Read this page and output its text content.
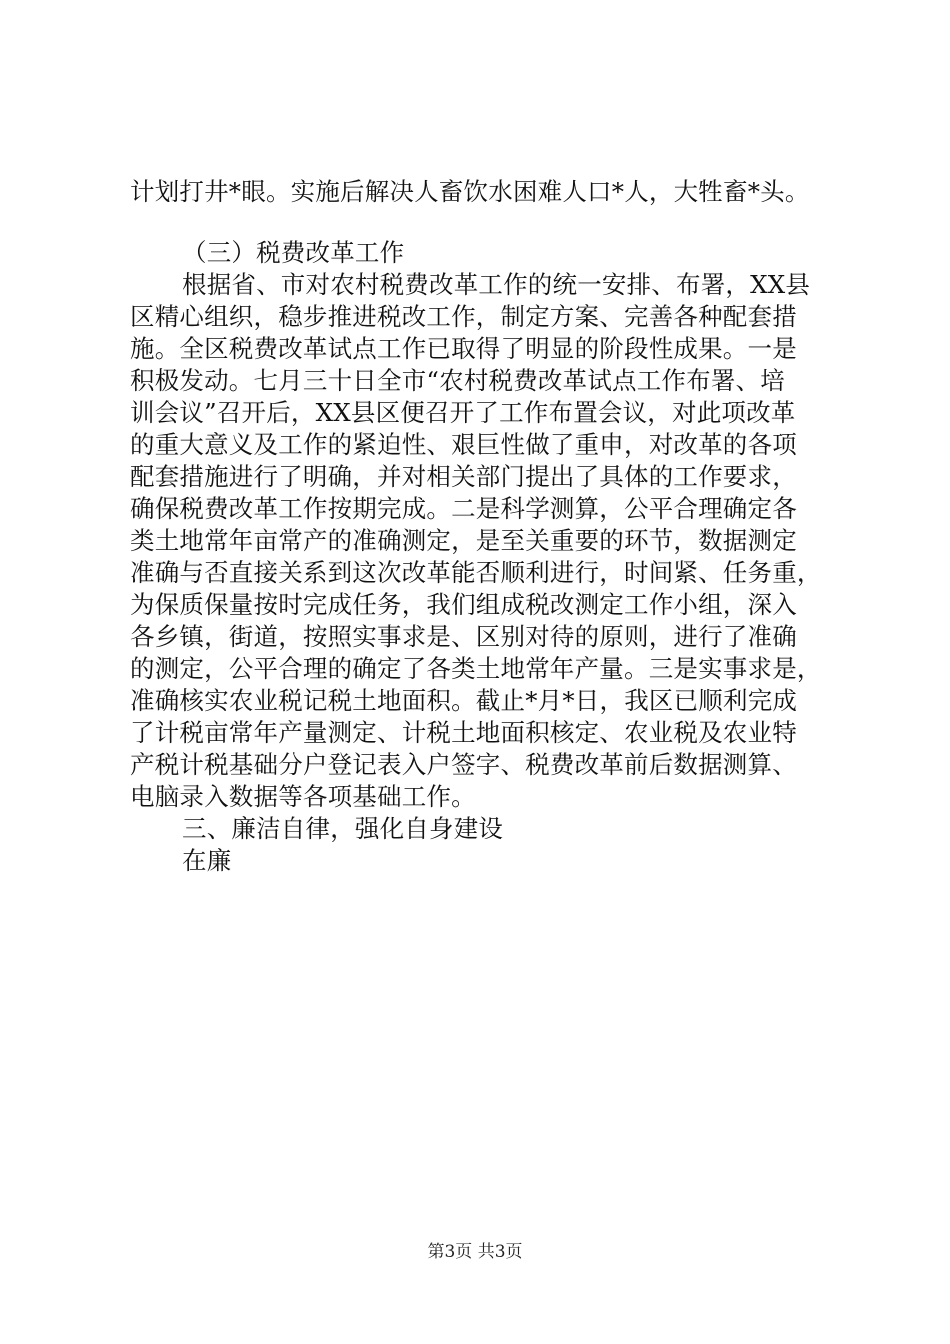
计划打井*眼。实施后解决人畜饮水困难人口*人，大牲畜*头。
（三）税费改革工作
根据省、市对农村税费改革工作的统一安排、布署，XX县
区精心组织，稳步推进税改工作，制定方案、完善各种配套措
施。全区税费改革试点工作已取得了明显的阶段性成果。一是
积极发动。七月三十日全市“农村税费改革试点工作布署、培
训会议”召开后，XX县区便召开了工作布置会议，对此项改革
的重大意义及工作的紧迫性、艰巨性做了重申，对改革的各项
配套措施进行了明确，并对相关部门提出了具体的工作要求，
确保税费改革工作按期完成。二是科学测算，公平合理确定各
类土地常年亩常产的准确测定，是至关重要的环节，数据测定
准确与否直接关系到这次改革能否顺利进行，时间紧、任务重，
为保质保量按时完成任务，我们组成税改测定工作小组，深入
各乡镇，街道，按照实事求是、区别对待的原则，进行了准确
的测定，公平合理的确定了各类土地常年产量。三是实事求是，
准确核实农业税记税土地面积。截止*月*日，我区已顺利完成
了计税亩常年产量测定、计税土地面积核定、农业税及农业特
产税计税基础分户登记表入户签字、税费改革前后数据测算、
电脑录入数据等各项基础工作。
三、廉洁自律，强化自身建设
在廉
第3页 共3页
